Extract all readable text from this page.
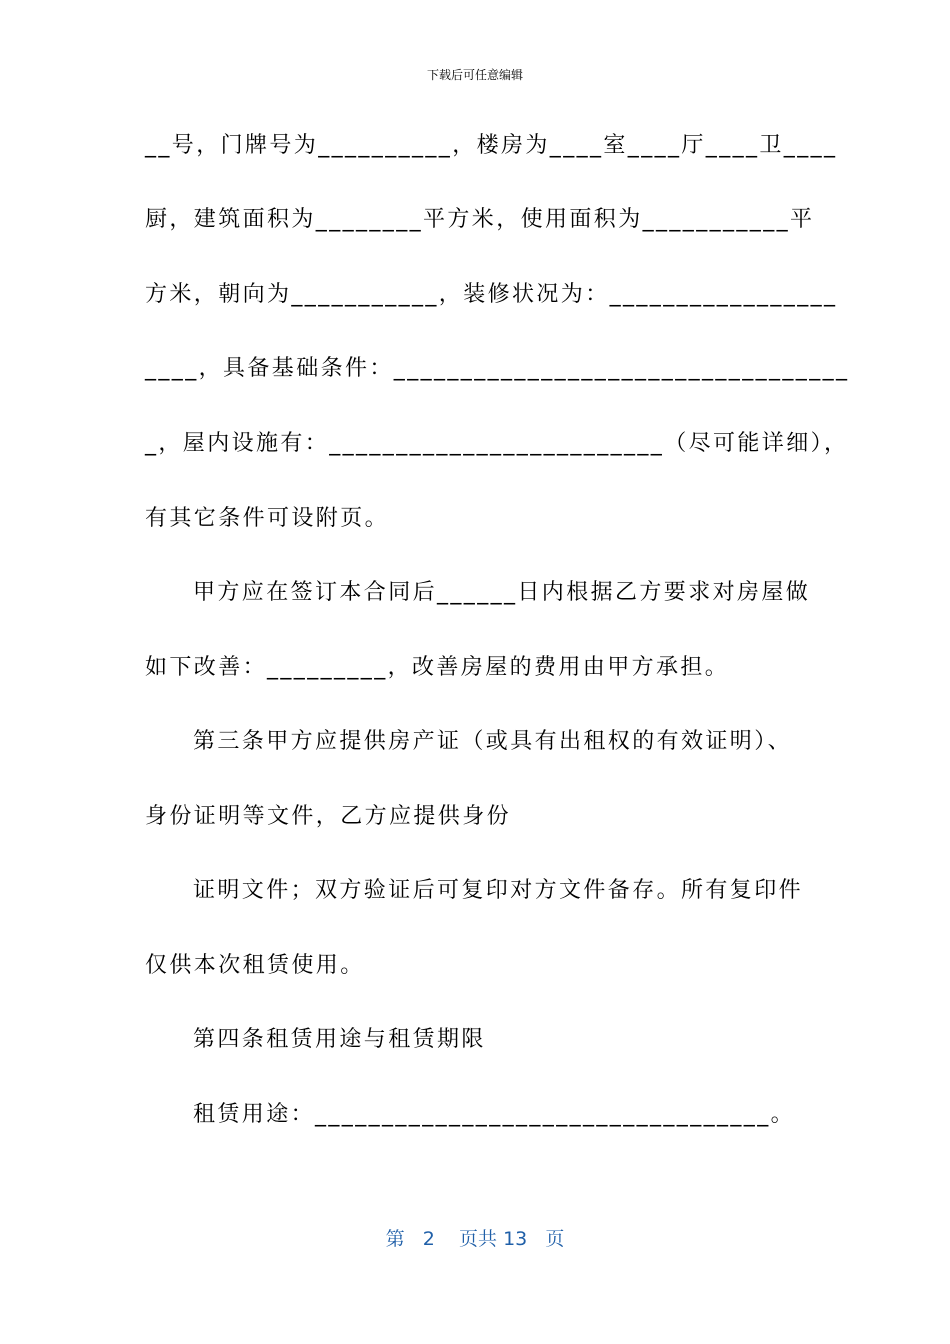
下载后可任意编辑
__号，门牌号为__________，楼房为____室____厅____卫____
厨，建筑面积为________平方米，使用面积为___________平
方米，朝向为___________，装修状况为：_________________
____，具备基础条件：__________________________________
_，屋内设施有：_________________________（尽可能详细），
有其它条件可设附页。
甲方应在签订本合同后______日内根据乙方要求对房屋做
如下改善：_________，改善房屋的费用由甲方承担。
第三条甲方应提供房产证（或具有出租权的有效证明）、
身份证明等文件，乙方应提供身份
证明文件；双方验证后可复印对方文件备存。所有复印件
仅供本次租赁使用。
第四条租赁用途与租赁期限
租赁用途：__________________________________。
第 2 页共 13 页
